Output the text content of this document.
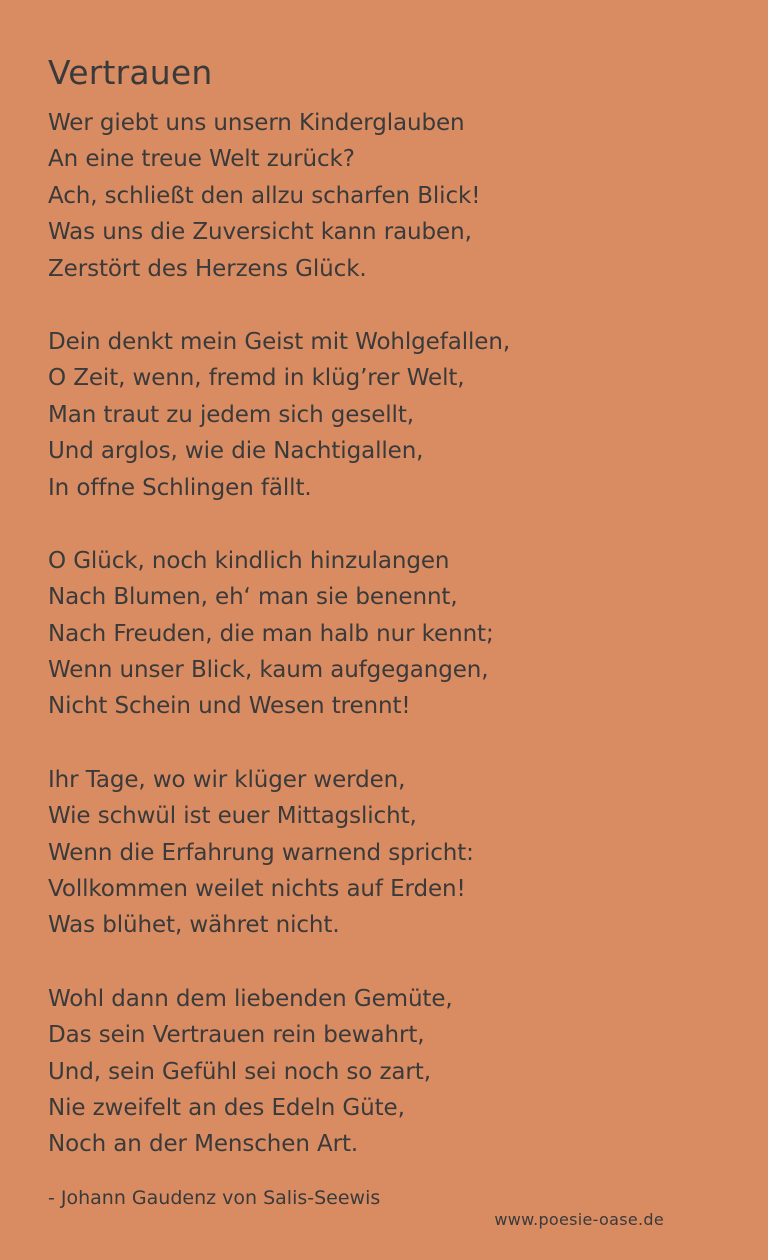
Vertrauen
Wer giebt uns unsern Kinderglauben
An eine treue Welt zurück?
Ach, schließt den allzu scharfen Blick!
Was uns die Zuversicht kann rauben,
Zerstört des Herzens Glück.
Dein denkt mein Geist mit Wohlgefallen,
O Zeit, wenn, fremd in klüg’rer Welt,
Man traut zu jedem sich gesellt,
Und arglos, wie die Nachtigallen,
In offne Schlingen fällt.
O Glück, noch kindlich hinzulangen
Nach Blumen, eh‘ man sie benennt,
Nach Freuden, die man halb nur kennt;
Wenn unser Blick, kaum aufgegangen,
Nicht Schein und Wesen trennt!
Ihr Tage, wo wir klüger werden,
Wie schwül ist euer Mittagslicht,
Wenn die Erfahrung warnend spricht:
Vollkommen weilet nichts auf Erden!
Was blühet, währet nicht.
Wohl dann dem liebenden Gemüte,
Das sein Vertrauen rein bewahrt,
Und, sein Gefühl sei noch so zart,
Nie zweifelt an des Edeln Güte,
Noch an der Menschen Art.
- Johann Gaudenz von Salis-Seewis
www.poesie-oase.de
